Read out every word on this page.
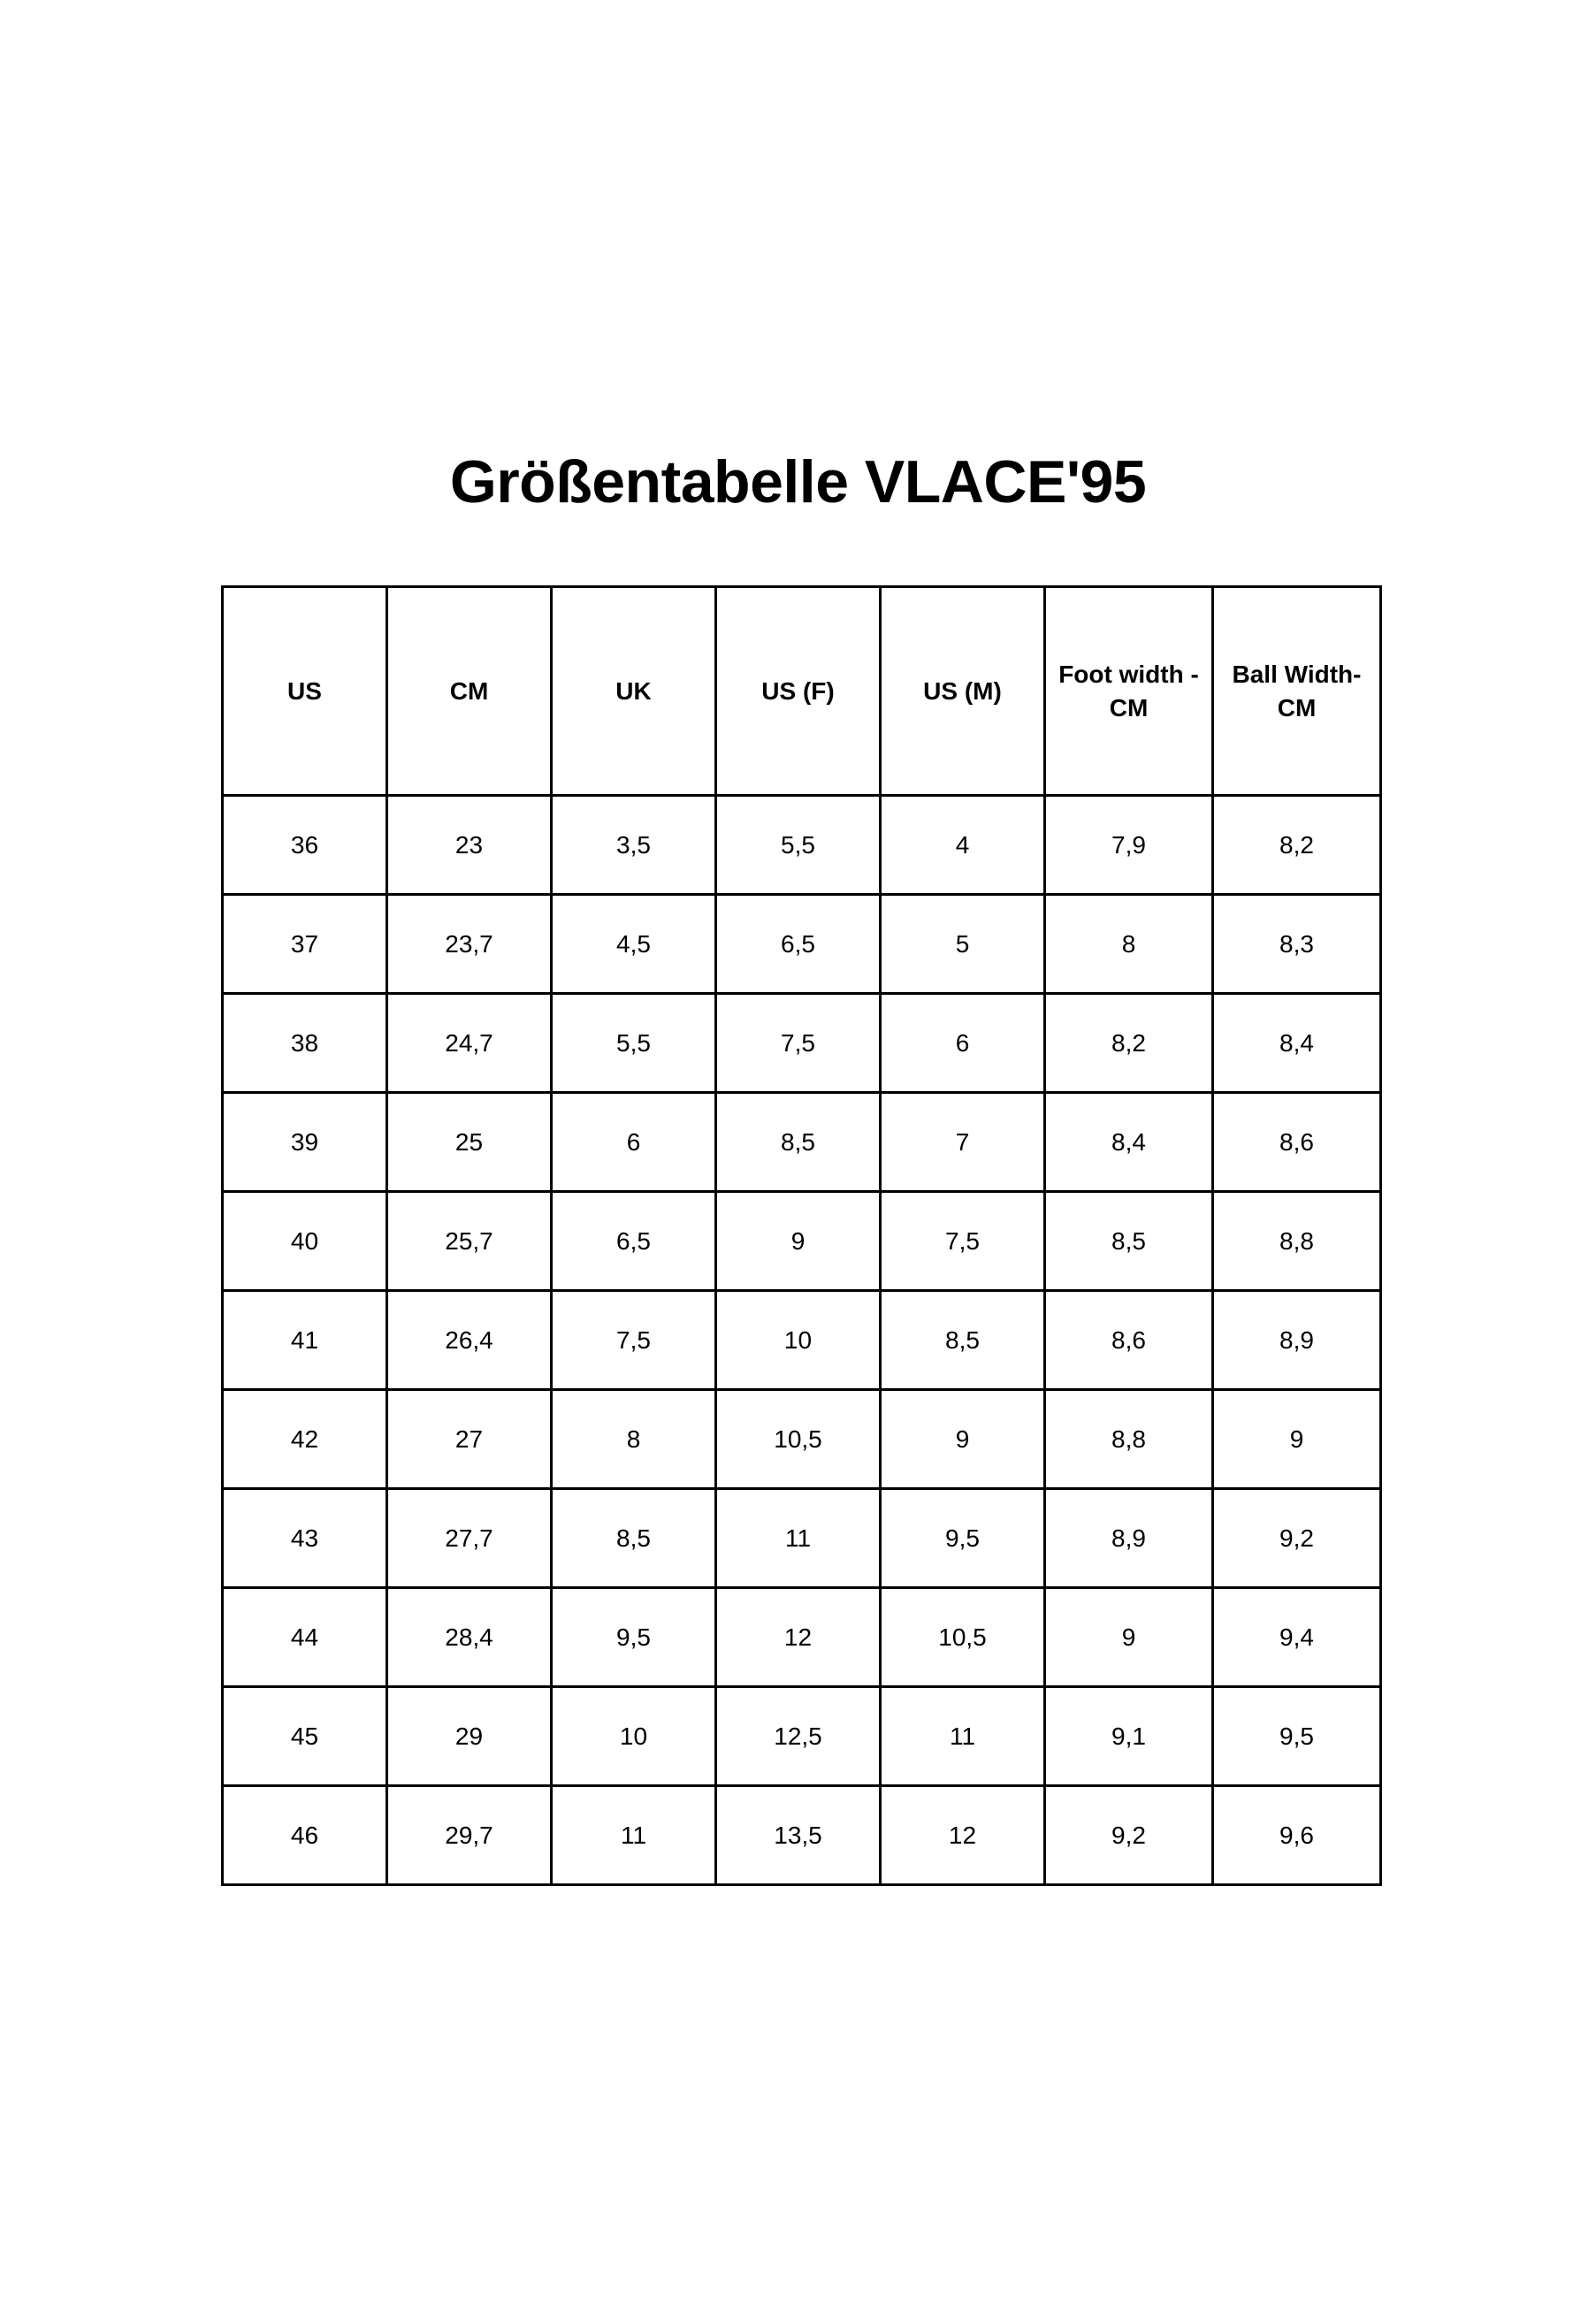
Größentabelle VLACE'95
US	CM	UK	US (F)	US (M)	Foot width - CM	Ball Width- CM
36	23	3,5	5,5	4	7,9	8,2
37	23,7	4,5	6,5	5	8	8,3
38	24,7	5,5	7,5	6	8,2	8,4
39	25	6	8,5	7	8,4	8,6
40	25,7	6,5	9	7,5	8,5	8,8
41	26,4	7,5	10	8,5	8,6	8,9
42	27	8	10,5	9	8,8	9
43	27,7	8,5	11	9,5	8,9	9,2
44	28,4	9,5	12	10,5	9	9,4
45	29	10	12,5	11	9,1	9,5
46	29,7	11	13,5	12	9,2	9,6
